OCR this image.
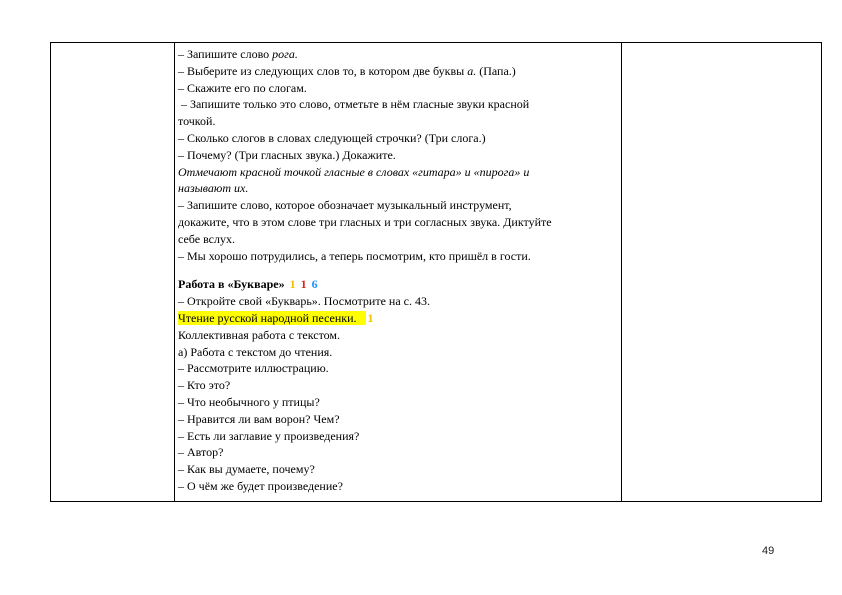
– Запишите слово рога.
– Выберите из следующих слов то, в котором две буквы а. (Папа.)
– Скажите его по слогам.
– Запишите только это слово, отметьте в нём гласные звуки красной
точкой.
– Сколько слогов в словах следующей строчки? (Три слога.)
– Почему? (Три гласных звука.) Докажите.
Отмечают красной точкой гласные в словах «гитара» и «пирога» и
называют их.
– Запишите слово, которое обозначает музыкальный инструмент,
докажите, что в этом слове три гласных и три согласных звука. Диктуйте
себе вслух.
– Мы хорошо потрудились, а теперь посмотрим, кто пришёл в гости.
Работа в «Букваре» 1 1 6
– Откройте свой «Букварь». Посмотрите на с. 43.
Чтение русской народной песенки. 1
Коллективная работа с текстом.
а) Работа с текстом до чтения.
– Рассмотрите иллюстрацию.
– Кто это?
– Что необычного у птицы?
– Нравится ли вам ворон? Чем?
– Есть ли заглавие у произведения?
– Автор?
– Как вы думаете, почему?
– О чём же будет произведение?
49
